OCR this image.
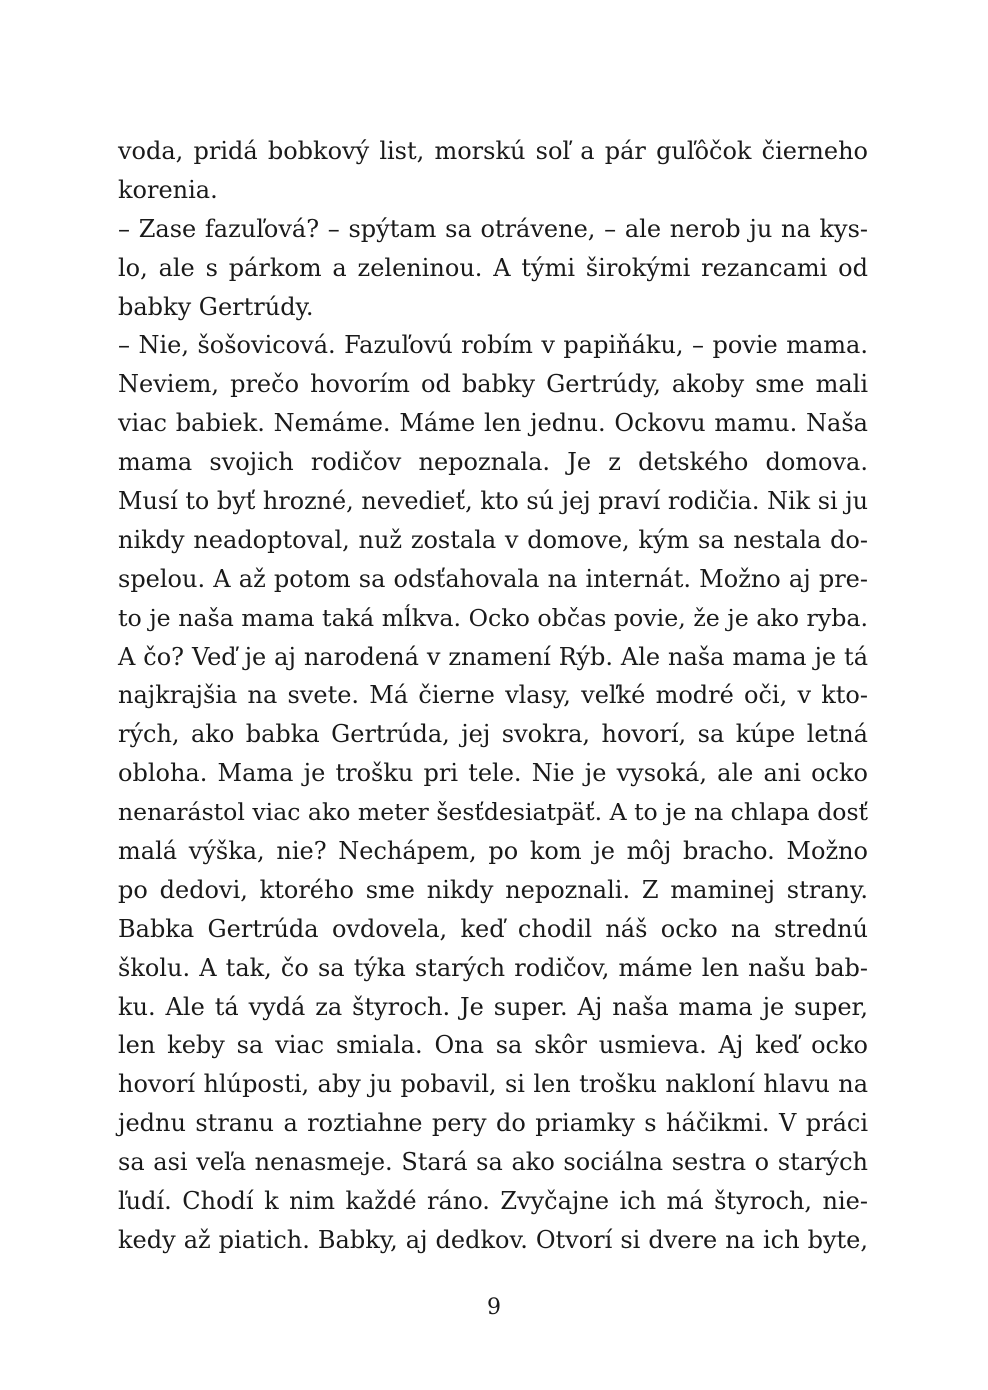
voda, pridá bobkový list, morskú soľ a pár guľôčok čierneho
korenia.
– Zase fazuľová? – spýtam sa otrávene, – ale nerob ju na kys-
lo, ale s párkom a zeleninou. A tými širokými rezancami od
babky Gertrúdy.
– Nie, šošovicová. Fazuľovú robím v papiňáku, – povie mama.
Neviem, prečo hovorím od babky Gertrúdy, akoby sme mali
viac babiek. Nemáme. Máme len jednu. Ockovu mamu. Naša
mama svojich rodičov nepoznala. Je z detského domova.
Musí to byť hrozné, nevedieť, kto sú jej praví rodičia. Nik si ju
nikdy neadoptoval, nuž zostala v domove, kým sa nestala do-
spelou. A až potom sa odsťahovala na internát. Možno aj pre-
to je naša mama taká mĺkva. Ocko občas povie, že je ako ryba.
A čo? Veď je aj narodená v znamení Rýb. Ale naša mama je tá
najkrajšia na svete. Má čierne vlasy, veľké modré oči, v kto-
rých, ako babka Gertrúda, jej svokra, hovorí, sa kúpe letná
obloha. Mama je trošku pri tele. Nie je vysoká, ale ani ocko
nenarástol viac ako meter šesťdesiatpäť. A to je na chlapa dosť
malá výška, nie? Nechápem, po kom je môj bracho. Možno
po dedovi, ktorého sme nikdy nepoznali. Z maminej strany.
Babka Gertrúda ovdovela, keď chodil náš ocko na strednú
školu. A tak, čo sa týka starých rodičov, máme len našu bab-
ku. Ale tá vydá za štyroch. Je super. Aj naša mama je super,
len keby sa viac smiala. Ona sa skôr usmieva. Aj keď ocko
hovorí hlúposti, aby ju pobavil, si len trošku nakloní hlavu na
jednu stranu a roztiahne pery do priamky s háčikmi. V práci
sa asi veľa nenasmeje. Stará sa ako sociálna sestra o starých
ľudí. Chodí k nim každé ráno. Zvyčajne ich má štyroch, nie-
kedy až piatich. Babky, aj dedkov. Otvorí si dvere na ich byte,
9
